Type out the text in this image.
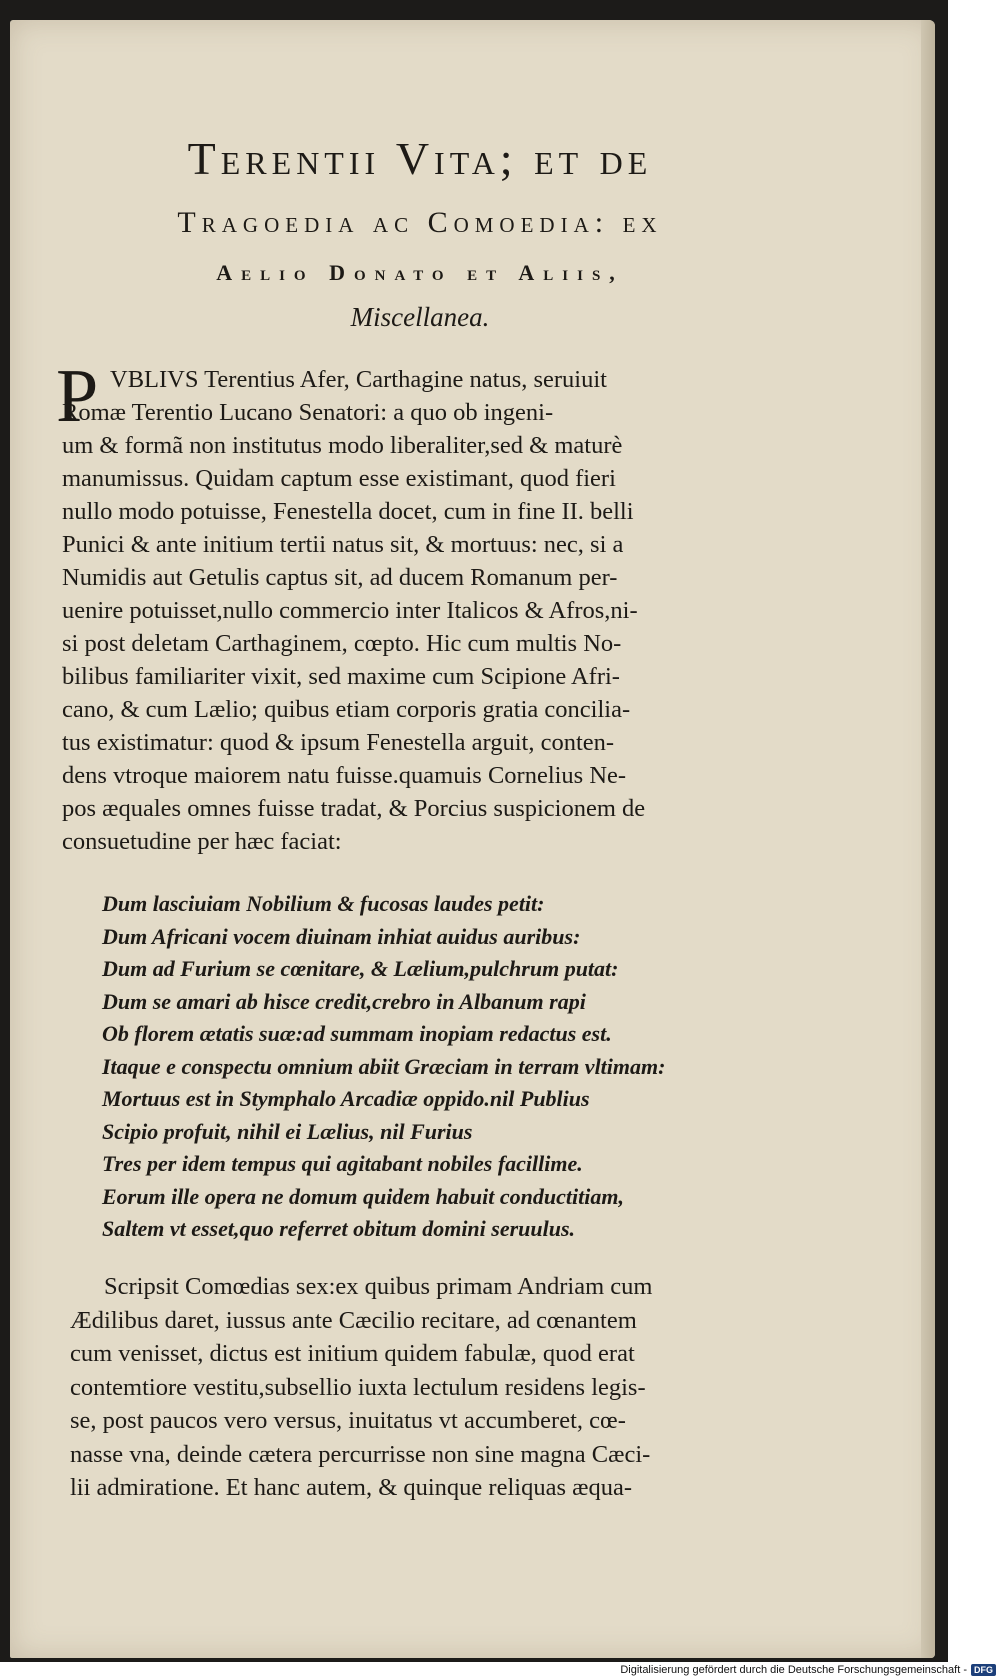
Terentii Vita; et de
Tragoedia ac Comoedia: ex
Aelio Donato et Aliis,
Miscellanea.
P VBLIVS Terentius Afer, Carthagine natus, seruiuit
Romæ Terentio Lucano Senatori: a quo ob ingeni-
um & formã non institutus modo liberaliter,sed & maturè
manumissus. Quidam captum esse existimant, quod fieri
nullo modo potuisse, Fenestella docet, cum in fine II. belli
Punici & ante initium tertii natus sit, & mortuus: nec, si a
Numidis aut Getulis captus sit, ad ducem Romanum per-
uenire potuisset,nullo commercio inter Italicos & Afros,ni-
si post deletam Carthaginem, cœpto. Hic cum multis No-
bilibus familiariter vixit, sed maxime cum Scipione Afri-
cano, & cum Lælio; quibus etiam corporis gratia concilia-
tus existimatur: quod & ipsum Fenestella arguit, conten-
dens vtroque maiorem natu fuisse.quamuis Cornelius Ne-
pos æquales omnes fuisse tradat, & Porcius suspicionem de
consuetudine per hæc faciat:
Dum lasciuiam Nobilium & fucosas laudes petit:
Dum Africani vocem diuinam inhiat auidus auribus:
Dum ad Furium se cœnitare, & Lælium,pulchrum putat:
Dum se amari ab hisce credit,crebro in Albanum rapi
Ob florem ætatis suæ:ad summam inopiam redactus est.
Itaque e conspectu omnium abiit Græciam in terram vltimam:
Mortuus est in Stymphalo Arcadiæ oppido.nil Publius
Scipio profuit, nihil ei Lælius, nil Furius
Tres per idem tempus qui agitabant nobiles facillime.
Eorum ille opera ne domum quidem habuit conductitiam,
Saltem vt esset,quo referret obitum domini seruulus.
Scripsit Comœdias sex:ex quibus primam Andriam cum
Ædilibus daret, iussus ante Cæcilio recitare, ad cœnantem
cum venisset, dictus est initium quidem fabulæ, quod erat
contemtiore vestitu,subsellio iuxta lectulum residens legis-
se, post paucos vero versus, inuitatus vt accumberet, cœ-
nasse vna, deinde cætera percurrisse non sine magna Cæci-
lii admiratione. Et hanc autem, & quinque reliquas æqua-
Digitalisierung gefördert durch die Deutsche Forschungsgemeinschaft - DFG
